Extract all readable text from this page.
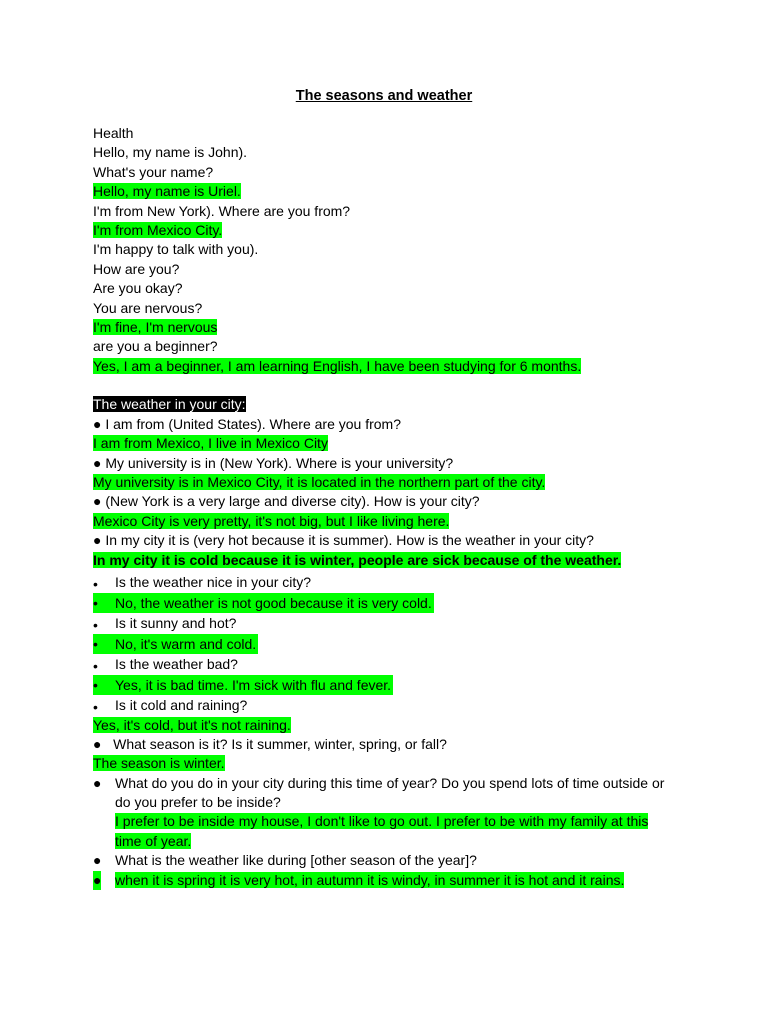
The seasons and weather
Health
Hello, my name is John).
What's your name?
Hello, my name is Uriel.
I'm from New York). Where are you from?
I'm from Mexico City.
I'm happy to talk with you).
How are you?
Are you okay?
You are nervous?
I'm fine, I'm nervous
are you a beginner?
Yes, I am a beginner, I am learning English, I have been studying for 6 months.
The weather in your city:
● I am from (United States). Where are you from?
I am from Mexico, I live in Mexico City
● My university is in (New York). Where is your university?
My university is in Mexico City, it is located in the northern part of the city.
● (New York is a very large and diverse city). How is your city?
Mexico City is very pretty, it's not big, but I like living here.
● In my city it is (very hot because it is summer). How is the weather in your city?
In my city it is cold because it is winter, people are sick because of the weather.
•	Is the weather nice in your city?
•	No, the weather is not good because it is very cold.
•	Is it sunny and hot?
•	No, it's warm and cold.
•	Is the weather bad?
•	Yes, it is bad time. I'm sick with flu and fever.
•	Is it cold and raining?
Yes, it's cold, but it's not raining.
●   What season is it? Is it summer, winter, spring, or fall?
The season is winter.
● What do you do in your city during this time of year? Do you spend lots of time outside or do you prefer to be inside?
I prefer to be inside my house, I don't like to go out. I prefer to be with my family at this time of year.
● What is the weather like during [other season of the year]?
● when it is spring it is very hot, in autumn it is windy, in summer it is hot and it rains.
